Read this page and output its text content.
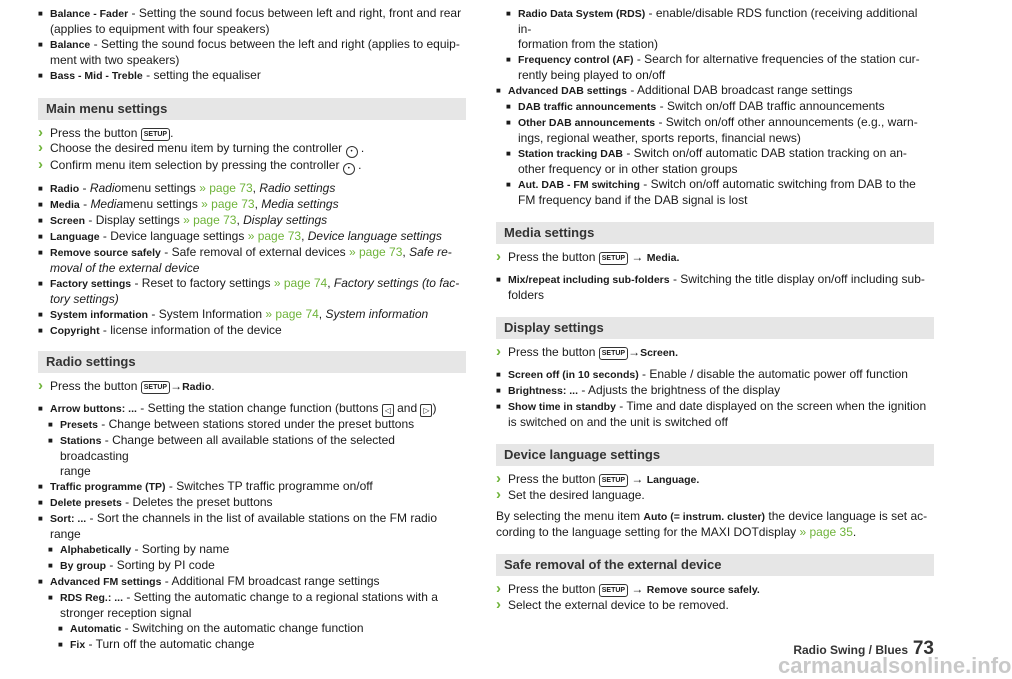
■ Balance - Fader - Setting the sound focus between left and right, front and rear
(applies to equipment with four speakers)
■ Balance - Setting the sound focus between the left and right (applies to equip-
ment with two speakers)
■ Bass - Mid - Treble - setting the equaliser
Main menu settings
› Press the button SETUP .
› Choose the desired menu item by turning the controller • .
› Confirm menu item selection by pressing the controller • .
■ Radio - Radiomenu settings » page 73, Radio settings
■ Media - Mediamenu settings » page 73, Media settings
■ Screen - Display settings » page 73, Display settings
■ Language - Device language settings » page 73, Device language settings
■ Remove source safely - Safe removal of external devices » page 73, Safe re-
moval of the external device
■ Factory settings - Reset to factory settings » page 74, Factory settings (to fac-
tory settings)
■ System information - System Information » page 74, System information
■ Copyright - license information of the device
Radio settings
› Press the button SETUP →Radio.
■ Arrow buttons: ... - Setting the station change function (buttons ◁ and ▷ )
■ Presets - Change between stations stored under the preset buttons
■ Stations - Change between all available stations of the selected broadcasting
range
■ Traffic programme (TP) - Switches TP traffic programme on/off
■ Delete presets - Deletes the preset buttons
■ Sort: ... - Sort the channels in the list of available stations on the FM radio
range
■ Alphabetically - Sorting by name
■ By group - Sorting by PI code
■ Advanced FM settings - Additional FM broadcast range settings
■ RDS Reg.: ... - Setting the automatic change to a regional stations with a
stronger reception signal
■ Automatic - Switching on the automatic change function
■ Fix - Turn off the automatic change
■ Radio Data System (RDS) - enable/disable RDS function (receiving additional in-
formation from the station)
■ Frequency control (AF) - Search for alternative frequencies of the station cur-
rently being played to on/off
■ Advanced DAB settings - Additional DAB broadcast range settings
■ DAB traffic announcements - Switch on/off DAB traffic announcements
■ Other DAB announcements - Switch on/off other announcements (e.g., warn-
ings, regional weather, sports reports, financial news)
■ Station tracking DAB - Switch on/off automatic DAB station tracking on an-
other frequency or in other station groups
■ Aut. DAB - FM switching - Switch on/off automatic switching from DAB to the
FM frequency band if the DAB signal is lost
Media settings
› Press the button SETUP → Media.
■ Mix/repeat including sub-folders - Switching the title display on/off including sub-
folders
Display settings
› Press the button SETUP →Screen.
■ Screen off (in 10 seconds) - Enable / disable the automatic power off function
■ Brightness: ... - Adjusts the brightness of the display
■ Show time in standby - Time and date displayed on the screen when the ignition
is switched on and the unit is switched off
Device language settings
› Press the button SETUP → Language.
› Set the desired language.
By selecting the menu item Auto (= instrum. cluster) the device language is set ac-
cording to the language setting for the MAXI DOTdisplay » page 35.
Safe removal of the external device
› Press the button SETUP → Remove source safely.
› Select the external device to be removed.
carmanualsonline.info
Radio Swing / Blues 73
